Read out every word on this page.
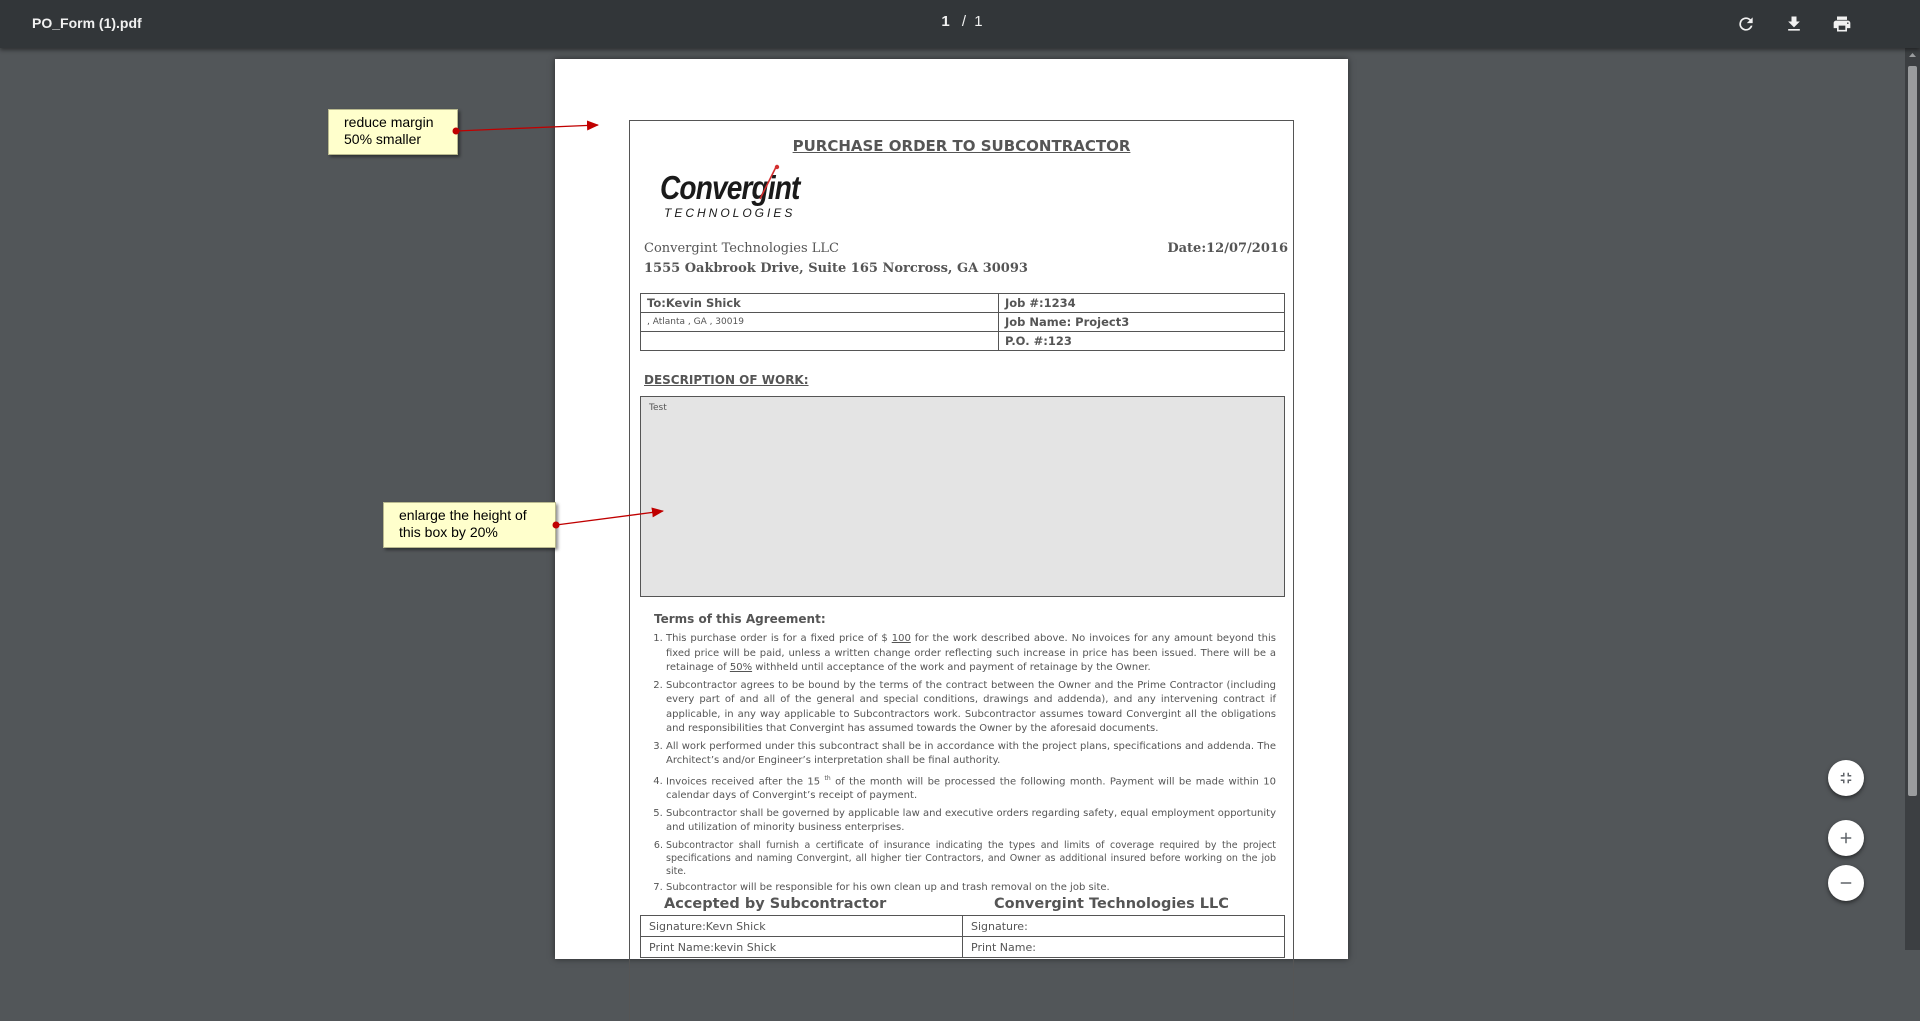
PO_Form (1).pdf	1 / 1
PURCHASE ORDER TO SUBCONTRACTOR
Convergint
TECHNOLOGIES
Convergint Technologies LLC
1555 Oakbrook Drive, Suite 165 Norcross, GA 30093
Date:12/07/2016
To:Kevin Shick	Job #:1234
, Atlanta , GA , 30019	Job Name: Project3
	P.O. #:123
DESCRIPTION OF WORK:
Test
Terms of this Agreement:
1. This purchase order is for a fixed price of $ 100 for the work described above. No invoices for any amount beyond this fixed price will be paid, unless a written change order reflecting such increase in price has been issued. There will be a retainage of 50% withheld until acceptance of the work and payment of retainage by the Owner.
2. Subcontractor agrees to be bound by the terms of the contract between the Owner and the Prime Contractor (including every part of and all of the general and special conditions, drawings and addenda), and any intervening contract if applicable, in any way applicable to Subcontractors work. Subcontractor assumes toward Convergint all the obligations and responsibilities that Convergint has assumed towards the Owner by the aforesaid documents.
3. All work performed under this subcontract shall be in accordance with the project plans, specifications and addenda. The Architect’s and/or Engineer’s interpretation shall be final authority.
4. Invoices received after the 15 $^{th}$ of the month will be processed the following month. Payment will be made within 10 calendar days of Convergint’s receipt of payment.
5. Subcontractor shall be governed by applicable law and executive orders regarding safety, equal employment opportunity and utilization of minority business enterprises.
6. Subcontractor shall furnish a certificate of insurance indicating the types and limits of coverage required by the project specifications and naming Convergint, all higher tier Contractors, and Owner as additional insured before working on the job site.
7. Subcontractor will be responsible for his own clean up and trash removal on the job site.
Accepted by Subcontractor	Convergint Technologies LLC
Signature:Kevn Shick	Signature:
Print Name:kevin Shick	Print Name:
reduce margin
50% smaller
enlarge the height of
this box by 20%
